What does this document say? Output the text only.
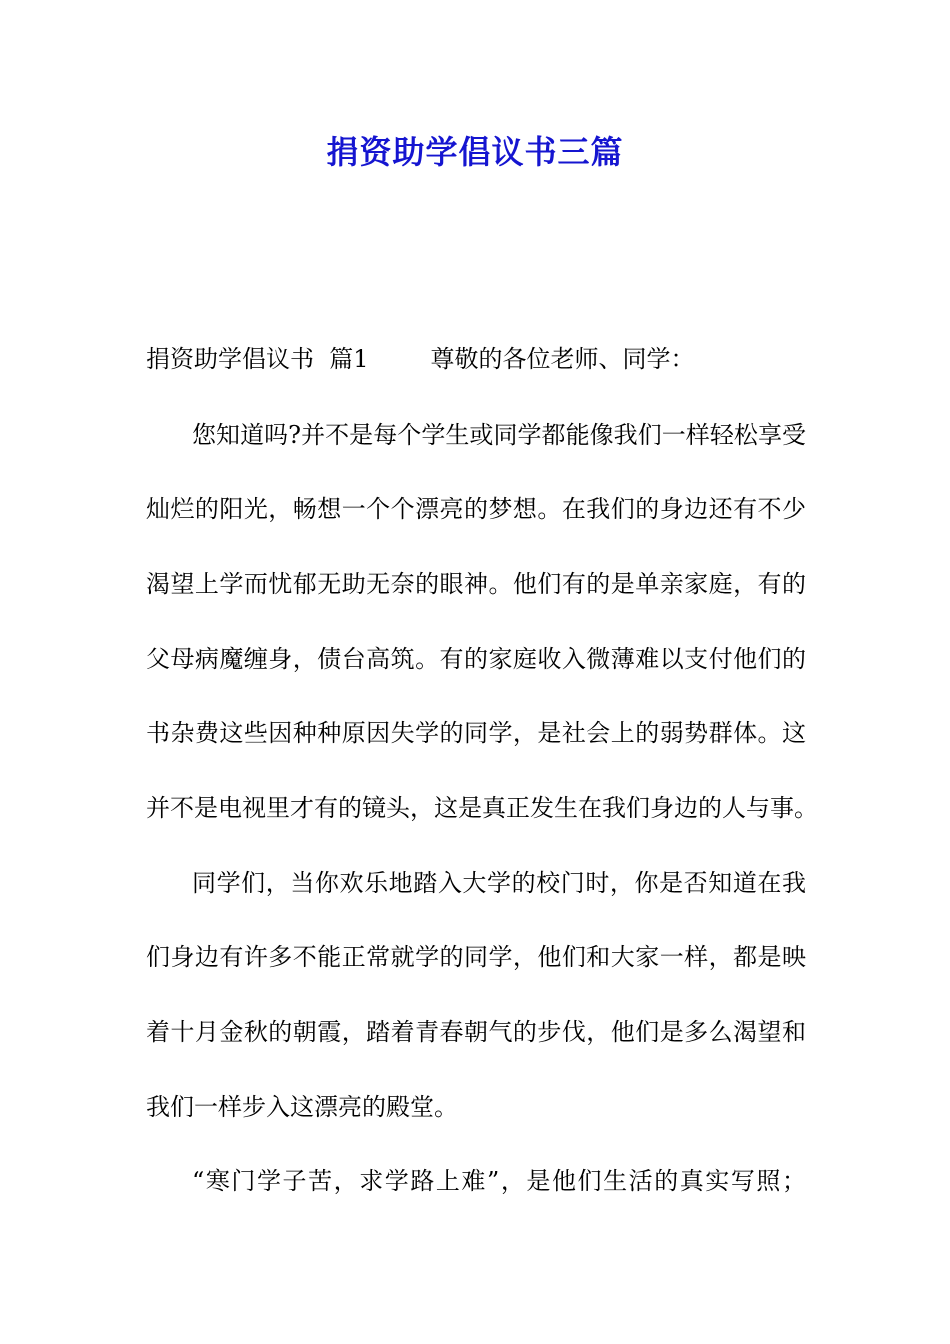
捐资助学倡议书三篇
捐资助学倡议书  篇1	尊敬的各位老师、同学：
您知道吗?并不是每个学生或同学都能像我们一样轻松享受
灿烂的阳光，畅想一个个漂亮的梦想。在我们的身边还有不少
渴望上学而忧郁无助无奈的眼神。他们有的是单亲家庭，有的
父母病魔缠身，债台高筑。有的家庭收入微薄难以支付他们的
书杂费这些因种种原因失学的同学，是社会上的弱势群体。这
并不是电视里才有的镜头，这是真正发生在我们身边的人与事。
同学们，当你欢乐地踏入大学的校门时，你是否知道在我
们身边有许多不能正常就学的同学，他们和大家一样，都是映
着十月金秋的朝霞，踏着青春朝气的步伐，他们是多么渴望和
我们一样步入这漂亮的殿堂。
“寒门学子苦，求学路上难”，是他们生活的真实写照；
